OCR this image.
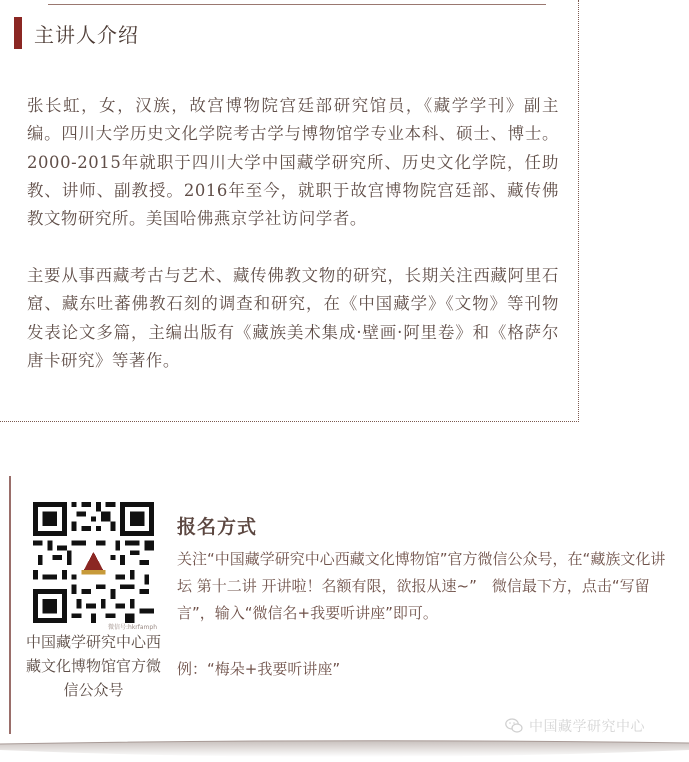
主讲人介绍

张长虹，女，汉族，故宫博物院宫廷部研究馆员，《藏学学刊》副主编。四川大学历史文化学院考古学与博物馆学专业本科、硕士、博士。2000-2015年就职于四川大学中国藏学研究所、历史文化学院，任助教、讲师、副教授。2016年至今，就职于故宫博物院宫廷部、藏传佛教文物研究所。美国哈佛燕京学社访问学者。

主要从事西藏考古与艺术、藏传佛教文物的研究，长期关注西藏阿里石窟、藏东吐蕃佛教石刻的调查和研究，在《中国藏学》《文物》等刊物发表论文多篇，主编出版有《藏族美术集成·壁画·阿里卷》和《格萨尔唐卡研究》等著作。

微信号:hkrfamph

中国藏学研究中心西藏文化博物馆官方微信公众号

报名方式

关注“中国藏学研究中心西藏文化博物馆”官方微信公众号，在“藏族文化讲坛 第十二讲 开讲啦！名额有限，欲报从速~”　微信最下方，点击“写留言”，输入“微信名+我要听讲座”即可。

例：“梅朵+我要听讲座”
中国藏学研究中心
